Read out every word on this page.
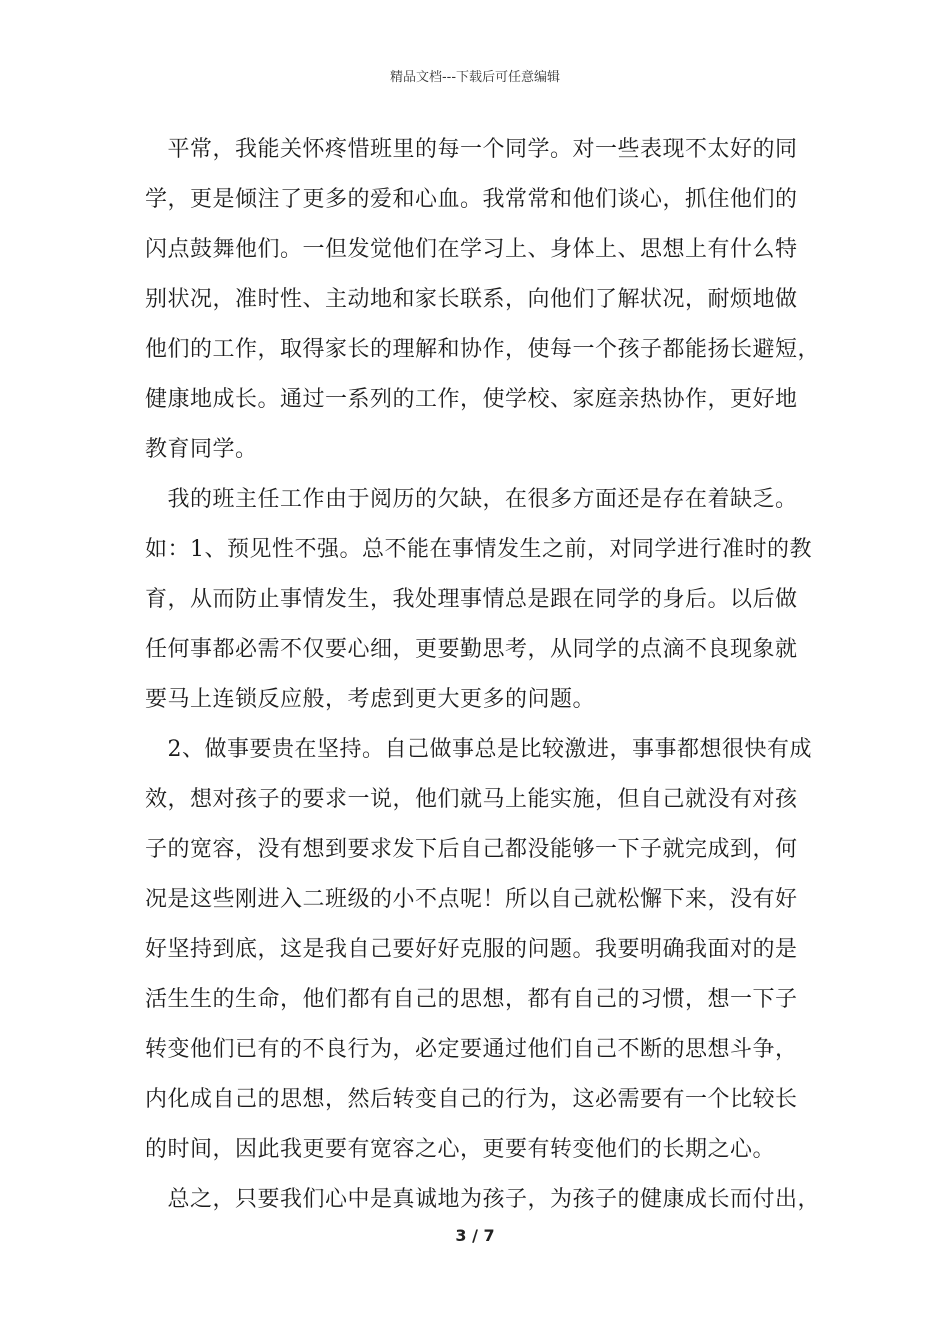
精品文档---下载后可任意编辑
　平常，我能关怀疼惜班里的每一个同学。对一些表现不太好的同
学，更是倾注了更多的爱和心血。我常常和他们谈心，抓住他们的
闪点鼓舞他们。一但发觉他们在学习上、身体上、思想上有什么特
别状况，准时性、主动地和家长联系，向他们了解状况，耐烦地做
他们的工作，取得家长的理解和协作，使每一个孩子都能扬长避短，
健康地成长。通过一系列的工作，使学校、家庭亲热协作，更好地
教育同学。
　我的班主任工作由于阅历的欠缺，在很多方面还是存在着缺乏。
如：1、预见性不强。总不能在事情发生之前，对同学进行准时的教
育，从而防止事情发生，我处理事情总是跟在同学的身后。以后做
任何事都必需不仅要心细，更要勤思考，从同学的点滴不良现象就
要马上连锁反应般，考虑到更大更多的问题。
　2、做事要贵在坚持。自己做事总是比较激进，事事都想很快有成
效，想对孩子的要求一说，他们就马上能实施，但自己就没有对孩
子的宽容，没有想到要求发下后自己都没能够一下子就完成到，何
况是这些刚进入二班级的小不点呢！所以自己就松懈下来，没有好
好坚持到底，这是我自己要好好克服的问题。我要明确我面对的是
活生生的生命，他们都有自己的思想，都有自己的习惯，想一下子
转变他们已有的不良行为，必定要通过他们自己不断的思想斗争，
内化成自己的思想，然后转变自己的行为，这必需要有一个比较长
的时间，因此我更要有宽容之心，更要有转变他们的长期之心。
　总之，只要我们心中是真诚地为孩子，为孩子的健康成长而付出，
3 / 7
